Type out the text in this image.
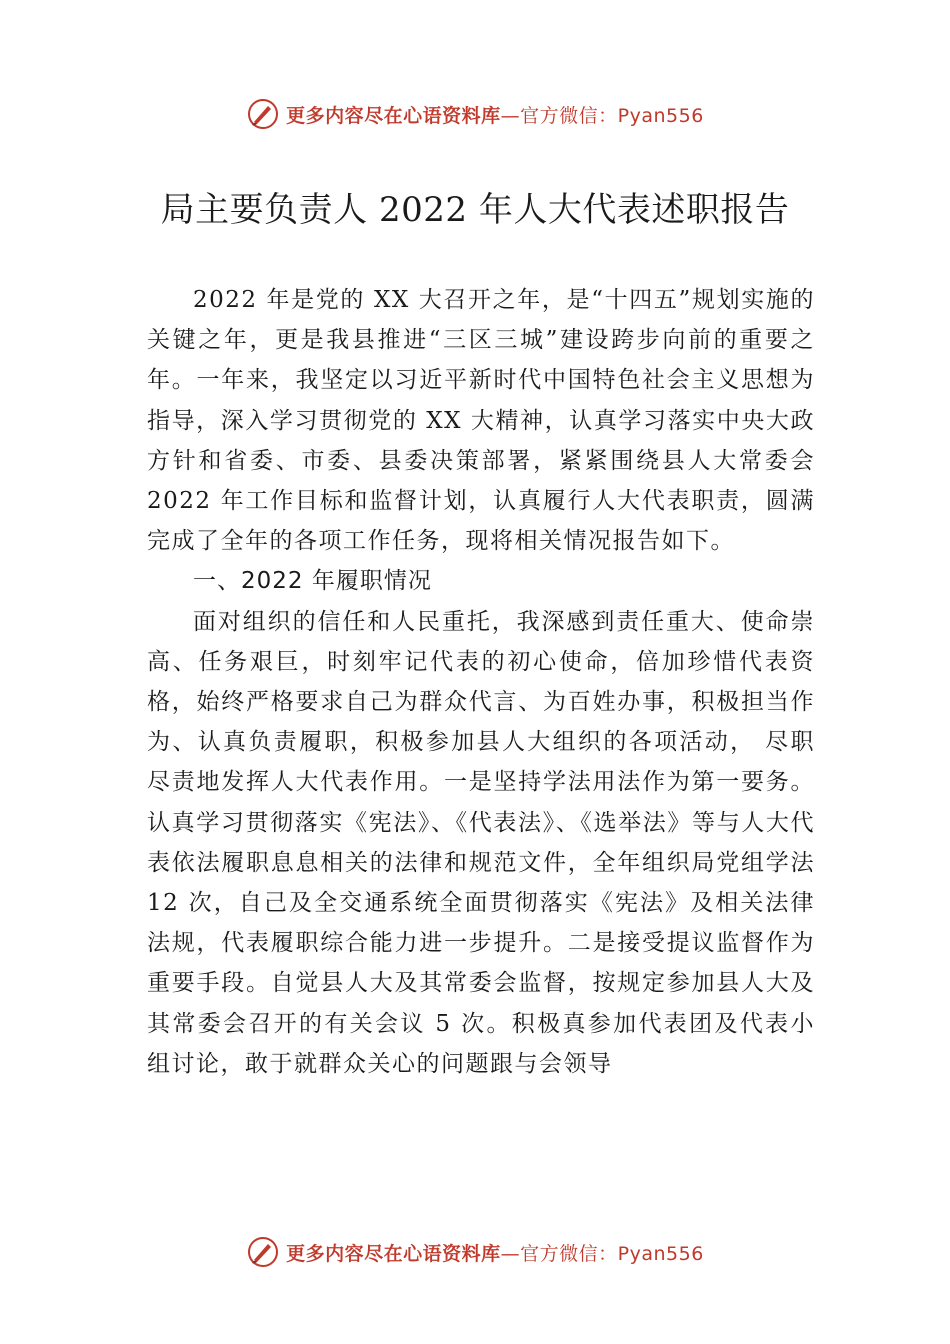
更多内容尽在心语资料库 —官方微信：Pyan556
局主要负责人 2022 年人大代表述职报告

2022 年是党的 XX 大召开之年，是“十四五”规划实施的关键之年，更是我县推进“三区三城”建设跨步向前的重要之年。一年来，我坚定以习近平新时代中国特色社会主义思想为指导，深入学习贯彻党的 XX 大精神，认真学习落实中央大政方针和省委、市委、县委决策部署，紧紧围绕县人大常委会 2022 年工作目标和监督计划，认真履行人大代表职责，圆满完成了全年的各项工作任务，现将相关情况报告如下。

一、2022 年履职情况

面对组织的信任和人民重托，我深感到责任重大、使命崇高、任务艰巨，时刻牢记代表的初心使命，倍加珍惜代表资格，始终严格要求自己为群众代言、为百姓办事，积极担当作为、认真负责履职，积极参加县人大组织的各项活动， 尽职尽责地发挥人大代表作用。一是坚持学法用法作为第一要务。认真学习贯彻落实《宪法》、《代表法》、《选举法》等与人大代表依法履职息息相关的法律和规范文件，全年组织局党组学法 12 次，自己及全交通系统全面贯彻落实《宪法》及相关法律法规，代表履职综合能力进一步提升。二是接受提议监督作为重要手段。自觉县人大及其常委会监督，按规定参加县人大及其常委会召开的有关会议 5 次。积极真参加代表团及代表小组讨论，敢于就群众关心的问题跟与会领导

更多内容尽在心语资料库 —官方微信：Pyan556
